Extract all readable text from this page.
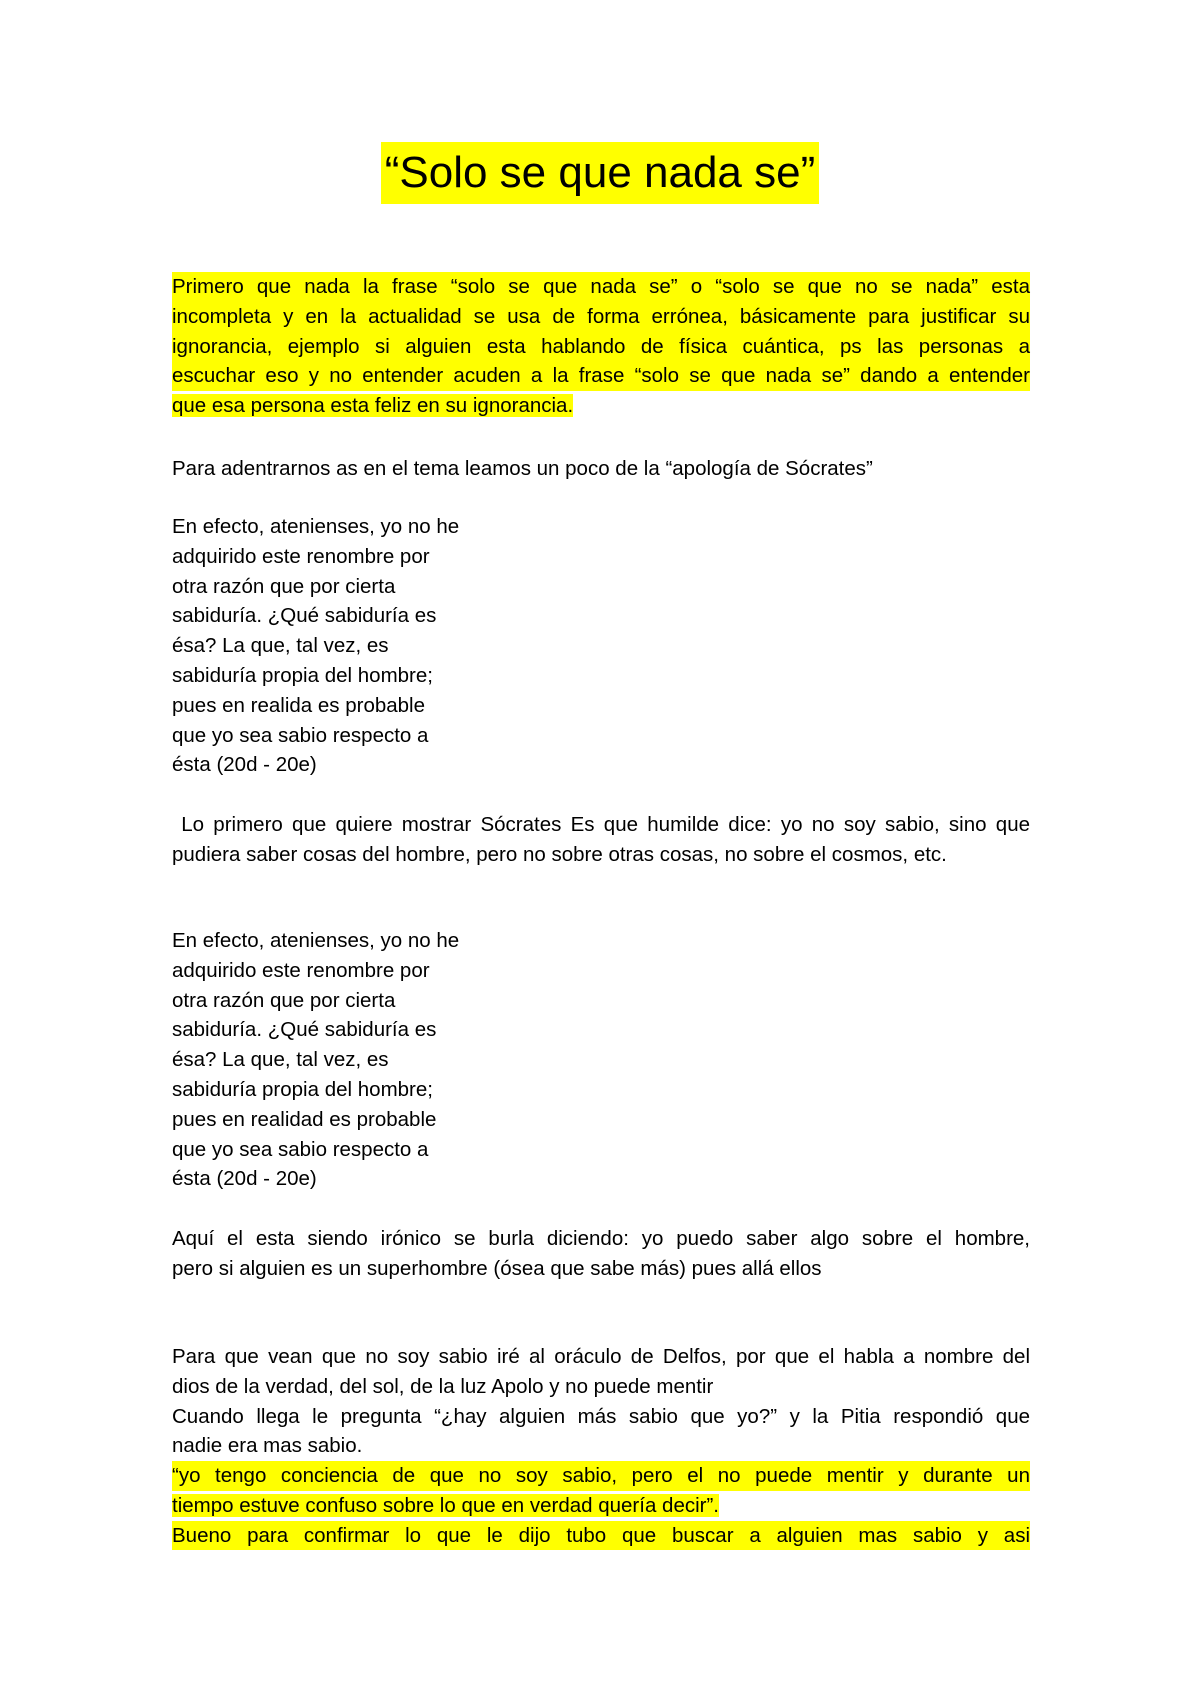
“Solo se que nada se”
Primero que nada la frase “solo se que nada se” o “solo se que no se nada” esta
incompleta y en la actualidad se usa de forma errónea, básicamente para justificar su
ignorancia, ejemplo si alguien esta hablando de física cuántica, ps las personas a
escuchar eso y no entender acuden a la frase “solo se que nada se” dando a entender
que esa persona esta feliz en su ignorancia.
Para adentrarnos as en el tema leamos un poco de la “apología de Sócrates”
En efecto, atenienses, yo no he
adquirido este renombre por
otra razón que por cierta
sabiduría. ¿Qué sabiduría es
ésa? La que, tal vez, es
sabiduría propia del hombre;
pues en realida es probable
que yo sea sabio respecto a
ésta (20d - 20e)
Lo primero que quiere mostrar Sócrates Es que humilde dice: yo no soy sabio, sino que
pudiera saber cosas del hombre, pero no sobre otras cosas, no sobre el cosmos, etc.
En efecto, atenienses, yo no he
adquirido este renombre por
otra razón que por cierta
sabiduría. ¿Qué sabiduría es
ésa? La que, tal vez, es
sabiduría propia del hombre;
pues en realidad es probable
que yo sea sabio respecto a
ésta (20d - 20e)
Aquí el esta siendo irónico se burla diciendo: yo puedo saber algo sobre el hombre,
pero si alguien es un superhombre (ósea que sabe más) pues allá ellos
Para que vean que no soy sabio iré al oráculo de Delfos, por que el habla a nombre del
dios de la verdad, del sol, de la luz Apolo y no puede mentir
Cuando llega le pregunta “¿hay alguien más sabio que yo?” y la Pitia respondió que
nadie era mas sabio.
“yo tengo conciencia de que no soy sabio, pero el no puede mentir y durante un
tiempo estuve confuso sobre lo que en verdad quería decir”.
Bueno para confirmar lo que le dijo tubo que buscar a alguien mas sabio y asi
